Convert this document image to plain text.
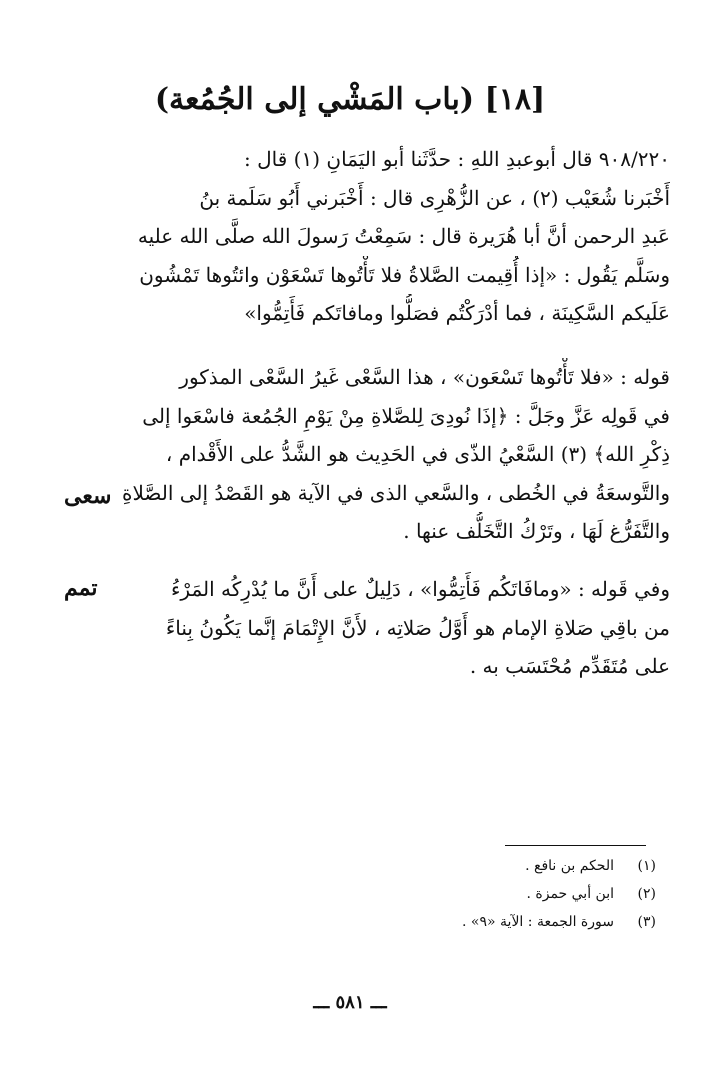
[١٨] (باب المَشْي إلى الجُمُعة)
٩٠٨/٢٢٠ قال أبوعبدِ اللهِ : حدَّثَنا أبو اليَمَانِ (١) قال :
أَخْبَرنا شُعَيْب (٢) ، عن الزُّهْرِى قال : أَخْبَرني أَبُو سَلَمة بنُ
عَبدِ الرحمن أنَّ أبا هُرَيرة قال : سَمِعْتُ رَسولَ الله صلَّى الله عليه
وسَلَّم يَقُول : «إذا أُقِيمت الصَّلاةُ فلا تَأْتُوها تَسْعَوْن وائتُوها تَمْشُون
عَلَيكم السَّكِينَة ، فما أدْرَكْتُم فصَلُّوا ومافاتَكم فَأَتِمُّوا»
قوله : «فلا تَأْتُوها تَسْعَون» ، هذا السَّعْى غَيرُ السَّعْى المذكور
في قَولِه عَزَّ وجَلَّ : ﴿إذَا نُودِىَ لِلصَّلاةِ مِنْ يَوْمِ الجُمُعة فاسْعَوا إلى
ذِكْرِ الله﴾ (٣) السَّعْيُ الذّى في الحَدِيث هو الشَّدُّ على الأَقْدام ،
والتَّوسعَةُ في الخُطى ، والسَّعي الذى في الآية هو القَصْدُ إلى الصَّلاةِ
والتَّفَرُّغ لَهَا ، وتَرْكُ التَّخَلُّف عنها .
وفي قَوله : «ومافَاتَكُم فَأَتِمُّوا» ، دَلِيلٌ على أَنَّ ما يُدْرِكُه المَرْءُ
من باقِي صَلاةِ الإمام هو أَوَّلُ صَلاتِه ، لأَنَّ الإِتْمَامَ إنَّما يَكُونُ بِناءً
على مُتَقَدِّم مُحْتَسَب به .
سعى
تمم
(١)
الحكم بن نافع .
(٢)
ابن أبي حمزة .
(٣)
سورة الجمعة : الآية «٩» .
ـــ ٥٨١ ـــ
